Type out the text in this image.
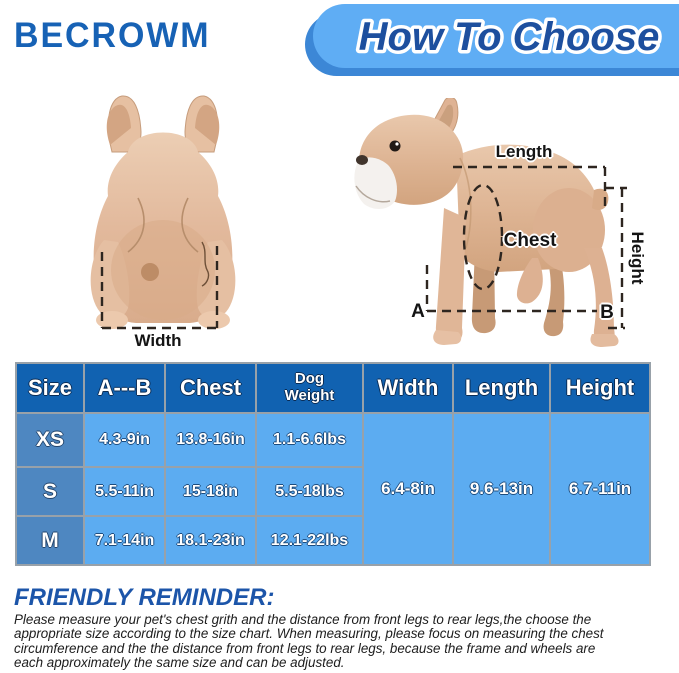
BECROWM	How To Choose
Width
Length
Chest	Height
A	B
Size	A---B	Chest	Dog Weight	Width	Length	Height
XS	4.3-9in	13.8-16in	1.1-6.6lbs	6.4-8in	9.6-13in	6.7-11in
S	5.5-11in	15-18in	5.5-18lbs			
M	7.1-14in	18.1-23in	12.1-22lbs			
FRIENDLY REMINDER:
Please measure your pet's chest grith and the distance from front legs to rear legs,the choose the
appropriate size according to the size chart. When measuring, please focus on measuring the chest
circumference and the the distance from front legs to rear legs, because the frame and wheels are
each approximately the same size and can be adjusted.
